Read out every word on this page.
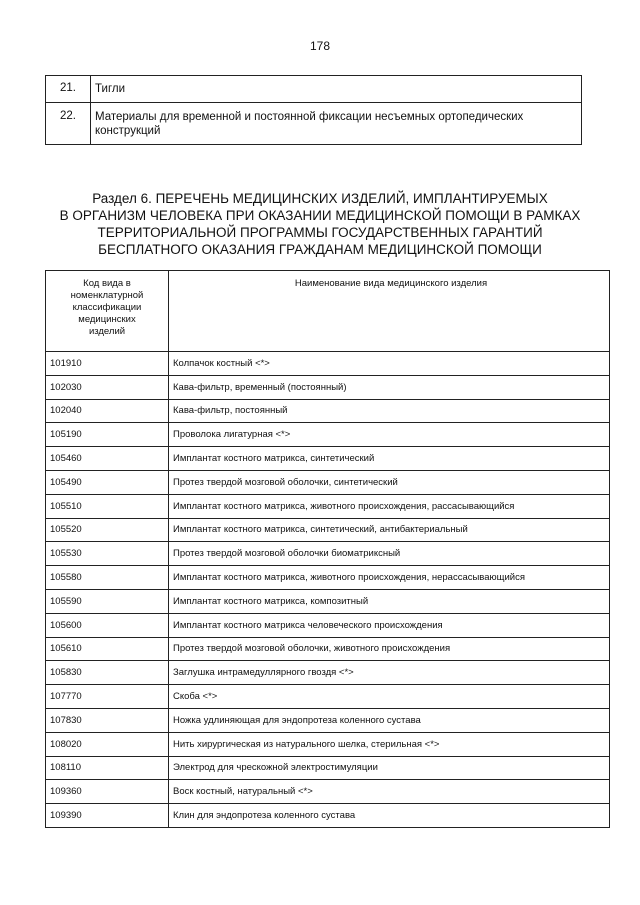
178
21.	Тигли
22.	Материалы для временной и постоянной фиксации несъемных ортопедических конструкций
Раздел 6. ПЕРЕЧЕНЬ МЕДИЦИНСКИХ ИЗДЕЛИЙ, ИМПЛАНТИРУЕМЫХ
В ОРГАНИЗМ ЧЕЛОВЕКА ПРИ ОКАЗАНИИ МЕДИЦИНСКОЙ ПОМОЩИ В РАМКАХ
ТЕРРИТОРИАЛЬНОЙ ПРОГРАММЫ ГОСУДАРСТВЕННЫХ ГАРАНТИЙ
БЕСПЛАТНОГО ОКАЗАНИЯ ГРАЖДАНАМ МЕДИЦИНСКОЙ ПОМОЩИ
Код вида в
номенклатурной
классификации
медицинских
изделий	Наименование вида медицинского изделия
101910	Колпачок костный <*>
102030	Кава-фильтр, временный (постоянный)
102040	Кава-фильтр, постоянный
105190	Проволока лигатурная <*>
105460	Имплантат костного матрикса, синтетический
105490	Протез твердой мозговой оболочки, синтетический
105510	Имплантат костного матрикса, животного происхождения, рассасывающийся
105520	Имплантат костного матрикса, синтетический, антибактериальный
105530	Протез твердой мозговой оболочки биоматриксный
105580	Имплантат костного матрикса, животного происхождения, нерассасывающийся
105590	Имплантат костного матрикса, композитный
105600	Имплантат костного матрикса человеческого происхождения
105610	Протез твердой мозговой оболочки, животного происхождения
105830	Заглушка интрамедуллярного гвоздя <*>
107770	Скоба <*>
107830	Ножка удлиняющая для эндопротеза коленного сустава
108020	Нить хирургическая из натурального шелка, стерильная <*>
108110	Электрод для чрескожной электростимуляции
109360	Воск костный, натуральный <*>
109390	Клин для эндопротеза коленного сустава
